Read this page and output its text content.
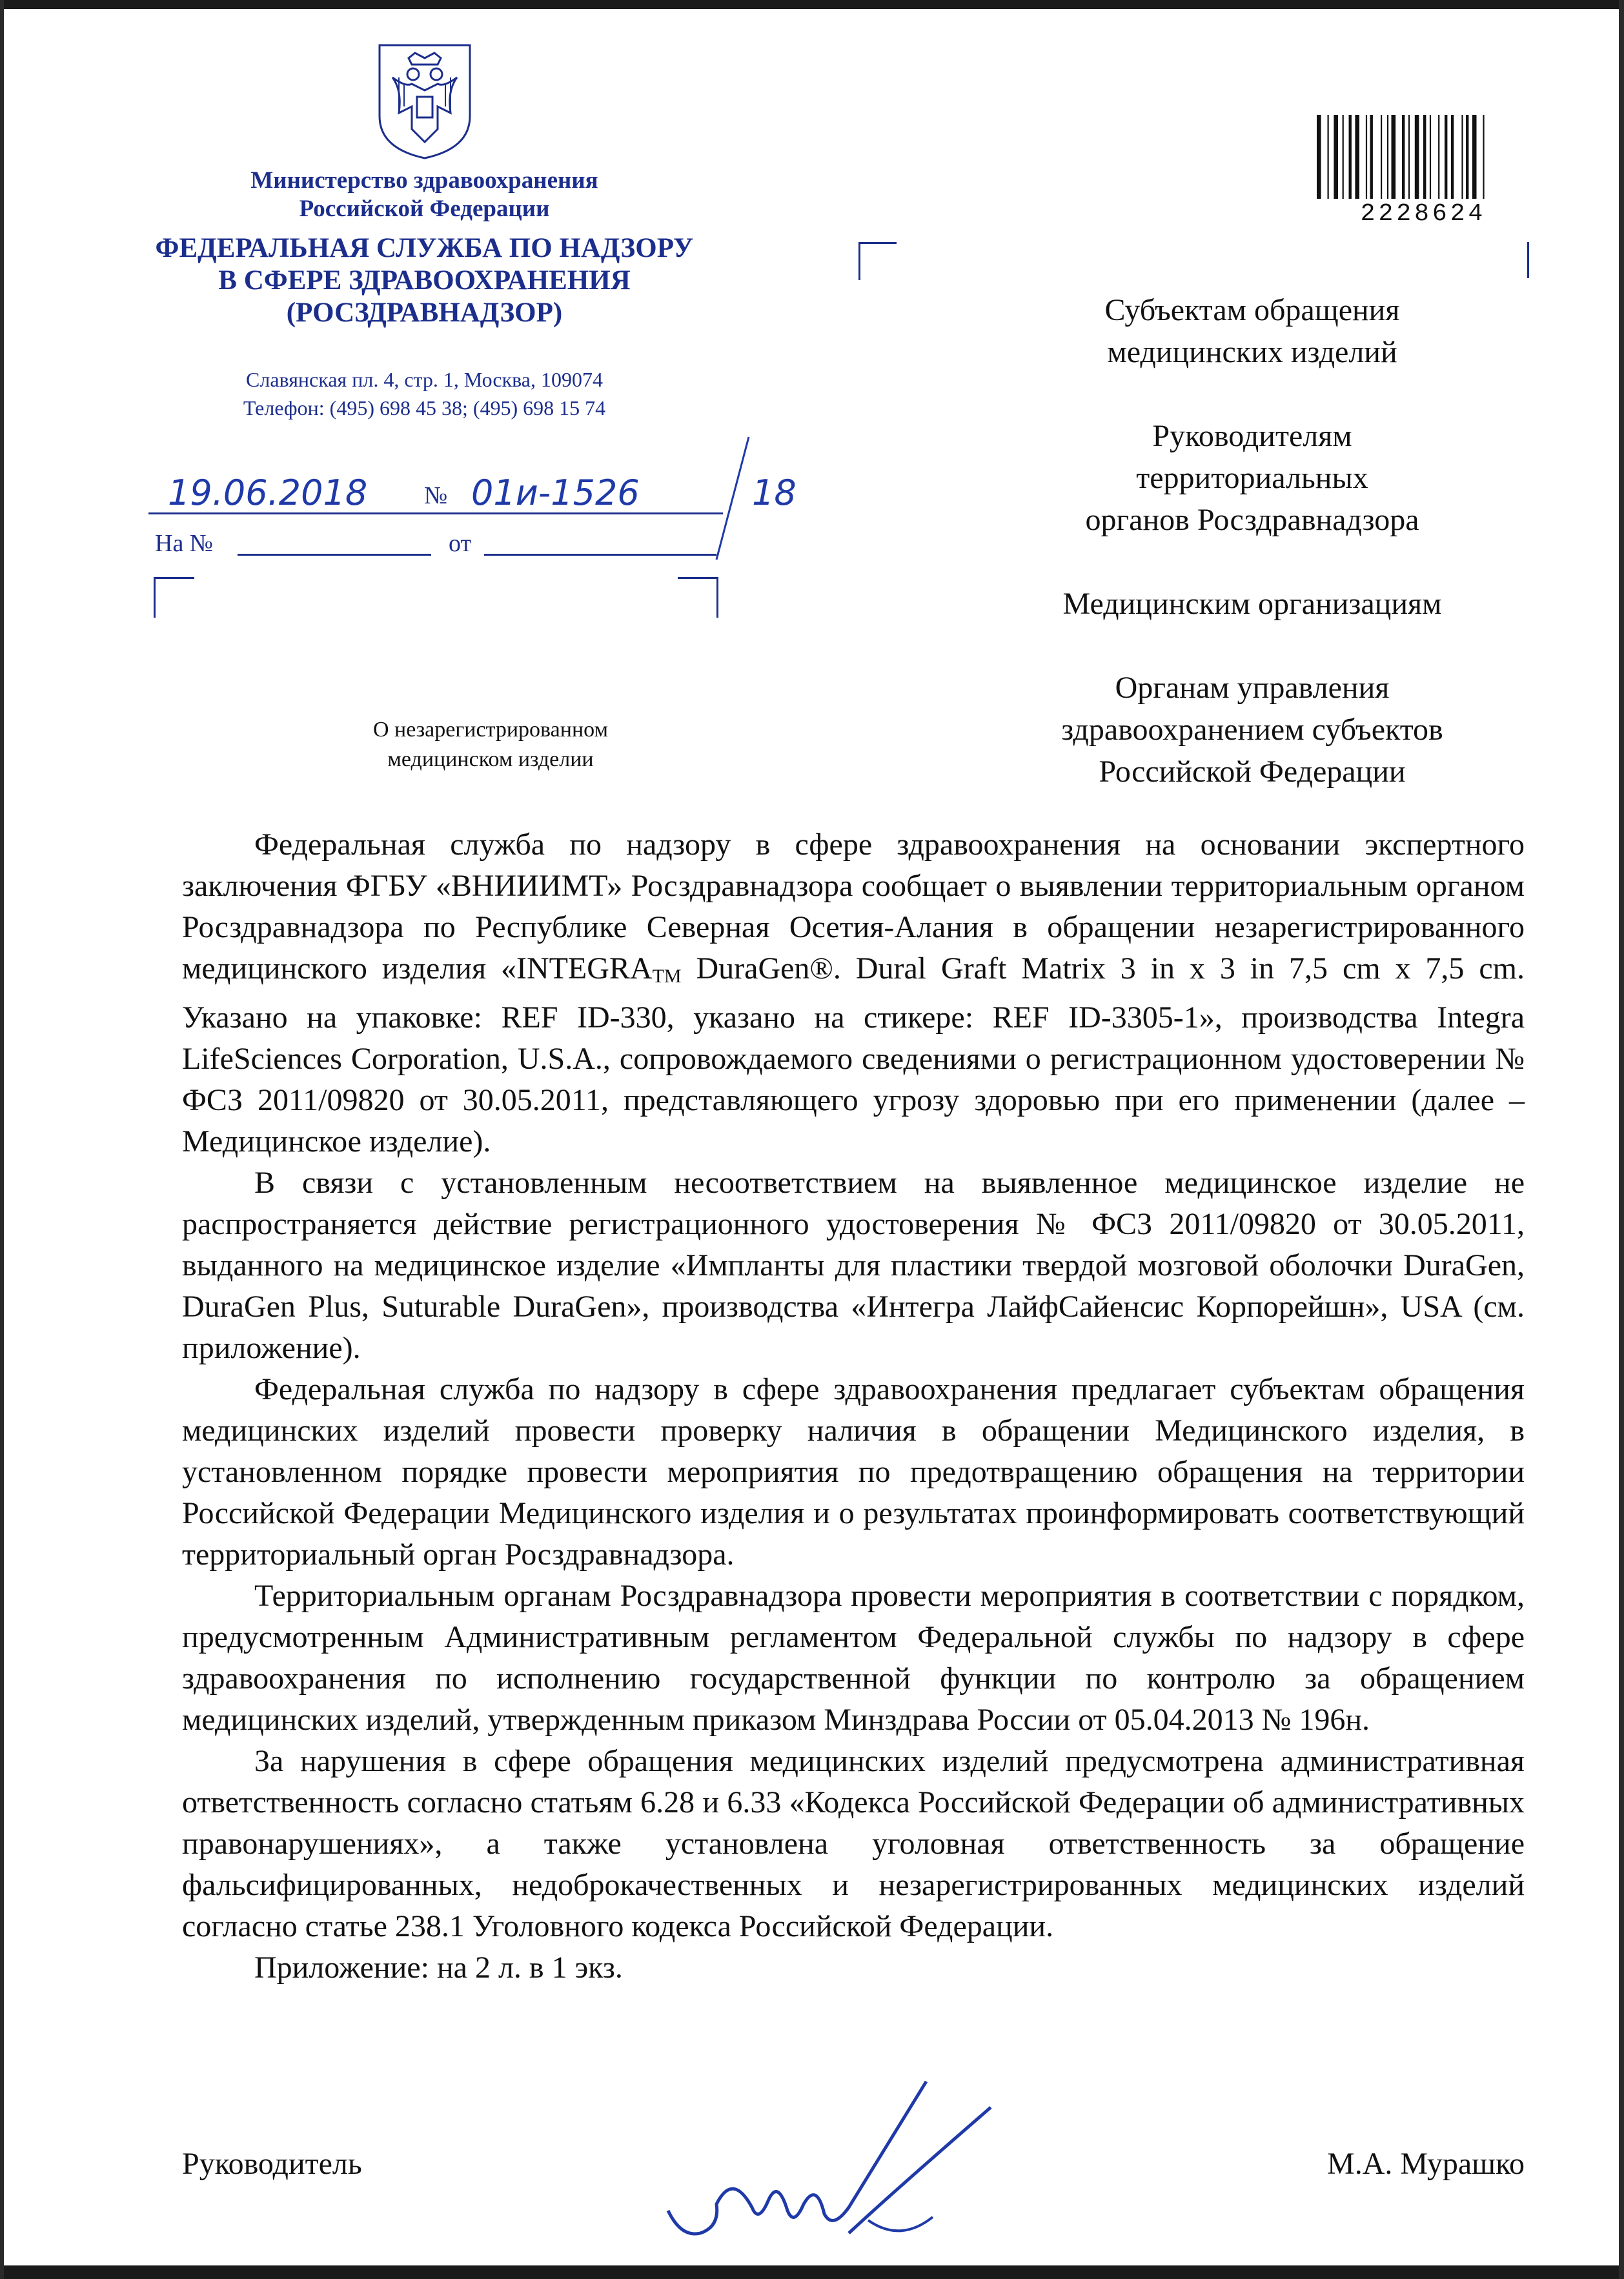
Министерство здравоохранения
Российской Федерации
ФЕДЕРАЛЬНАЯ СЛУЖБА ПО НАДЗОРУ
В СФЕРЕ ЗДРАВООХРАНЕНИЯ
(РОСЗДРАВНАДЗОР)
Славянская пл. 4, стр. 1, Москва, 109074
Телефон: (495) 698 45 38; (495) 698 15 74
19.06.2018 № 01и-1526	18
На №	от
О незарегистрированном
медицинском изделии
2228624
Субъектам обращения
медицинских изделий
Руководителям
территориальных
органов Росздравнадзора
Медицинским организациям
Органам управления
здравоохранением субъектов
Российской Федерации

Федеральная служба по надзору в сфере здравоохранения на основании экспертного заключения ФГБУ «ВНИИИМТ» Росздравнадзора сообщает о выявлении территориальным органом Росздравнадзора по Республике Северная Осетия-Алания в обращении незарегистрированного медицинского изделия «$INTEGRA_{TM}$ DuraGen®. Dural Graft Matrix 3 in x 3 in 7,5 cm x 7,5 cm. Указано на упаковке: REF ID-330, указано на стикере: REF ID-3305-1», производства Integra LifeSciences Corporation, U.S.A., сопровождаемого сведениями о регистрационном удостоверении № ФСЗ 2011/09820 от 30.05.2011, представляющего угрозу здоровью при его применении (далее – Медицинское изделие).

В связи с установленным несоответствием на выявленное медицинское изделие не распространяется действие регистрационного удостоверения № ФСЗ 2011/09820 от 30.05.2011, выданного на медицинское изделие «Импланты для пластики твердой мозговой оболочки DuraGen, DuraGen Plus, Suturable DuraGen», производства «Интегра ЛайфСайенсис Корпорейшн», USA (см. приложение).

Федеральная служба по надзору в сфере здравоохранения предлагает субъектам обращения медицинских изделий провести проверку наличия в обращении Медицинского изделия, в установленном порядке провести мероприятия по предотвращению обращения на территории Российской Федерации Медицинского изделия и о результатах проинформировать соответствующий территориальный орган Росздравнадзора.

Территориальным органам Росздравнадзора провести мероприятия в соответствии с порядком, предусмотренным Административным регламентом Федеральной службы по надзору в сфере здравоохранения по исполнению государственной функции по контролю за обращением медицинских изделий, утвержденным приказом Минздрава России от 05.04.2013 № 196н.

За нарушения в сфере обращения медицинских изделий предусмотрена административная ответственность согласно статьям 6.28 и 6.33 «Кодекса Российской Федерации об административных правонарушениях», а также установлена уголовная ответственность за обращение фальсифицированных, недоброкачественных и незарегистрированных медицинских изделий согласно статье 238.1 Уголовного кодекса Российской Федерации.

Приложение: на 2 л. в 1 экз.

Руководитель	М.А. Мурашко
